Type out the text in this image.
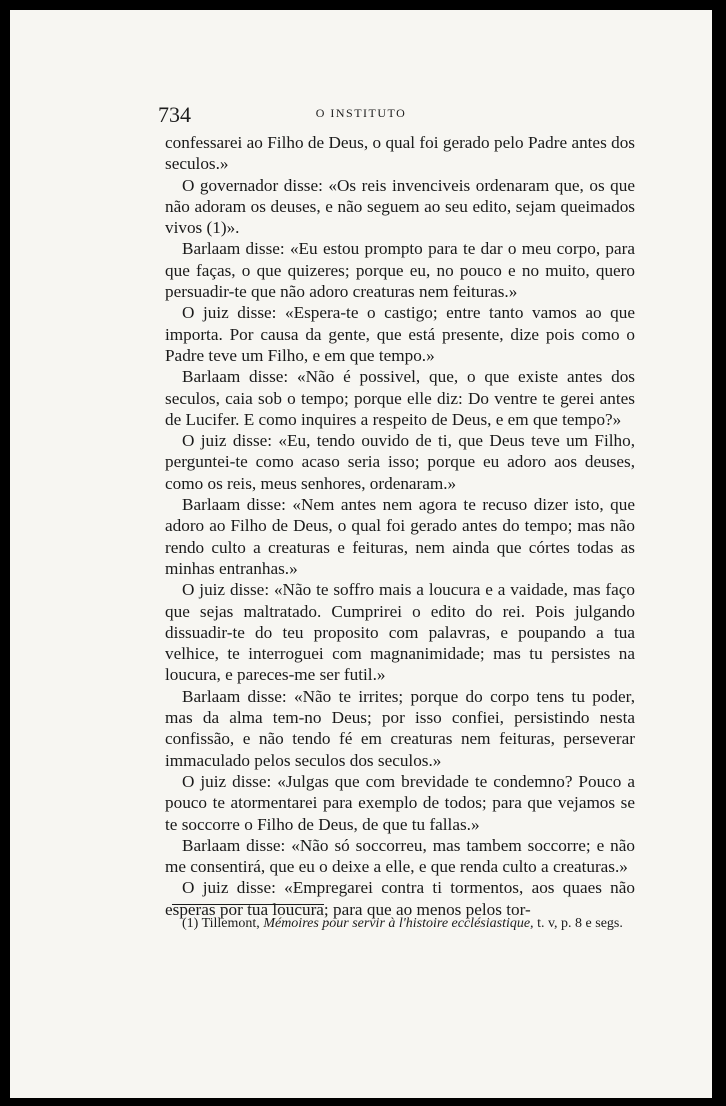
734	O INSTITUTO

confessarei ao Filho de Deus, o qual foi gerado pelo Padre antes dos seculos.»

O governador disse: «Os reis invenciveis ordenaram que, os que não adoram os deuses, e não seguem ao seu edito, sejam queimados vivos (1)».

Barlaam disse: «Eu estou prompto para te dar o meu corpo, para que faças, o que quizeres; porque eu, no pouco e no muito, quero persuadir-te que não adoro creaturas nem feituras.»

O juiz disse: «Espera-te o castigo; entre tanto vamos ao que importa. Por causa da gente, que está presente, dize pois como o Padre teve um Filho, e em que tempo.»

Barlaam disse: «Não é possivel, que, o que existe antes dos seculos, caia sob o tempo; porque elle diz: Do ventre te gerei antes de Lucifer. E como inquires a respeito de Deus, e em que tempo?»

O juiz disse: «Eu, tendo ouvido de ti, que Deus teve um Filho, perguntei-te como acaso seria isso; porque eu adoro aos deuses, como os reis, meus senhores, ordenaram.»

Barlaam disse: «Nem antes nem agora te recuso dizer isto, que adoro ao Filho de Deus, o qual foi gerado antes do tempo; mas não rendo culto a creaturas e feituras, nem ainda que córtes todas as minhas entranhas.»

O juiz disse: «Não te soffro mais a loucura e a vaidade, mas faço que sejas maltratado. Cumprirei o edito do rei. Pois julgando dissuadir-te do teu proposito com palavras, e poupando a tua velhice, te interroguei com magnanimidade; mas tu persistes na loucura, e pareces-me ser futil.»

Barlaam disse: «Não te irrites; porque do corpo tens tu poder, mas da alma tem-no Deus; por isso confiei, persistindo nesta confissão, e não tendo fé em creaturas nem feituras, perseverar immaculado pelos seculos dos seculos.»

O juiz disse: «Julgas que com brevidade te condemno? Pouco a pouco te atormentarei para exemplo de todos; para que vejamos se te soccorre o Filho de Deus, de que tu fallas.»

Barlaam disse: «Não só soccorreu, mas tambem soccorre; e não me consentirá, que eu o deixe a elle, e que renda culto a creaturas.»

O juiz disse: «Empregarei contra ti tormentos, aos quaes não esperas por tua loucura; para que ao menos pelos tor-

(1) Tillemont, Mémoires pour servir à l'histoire ecclésiastique, t. v, p. 8 e segs.
